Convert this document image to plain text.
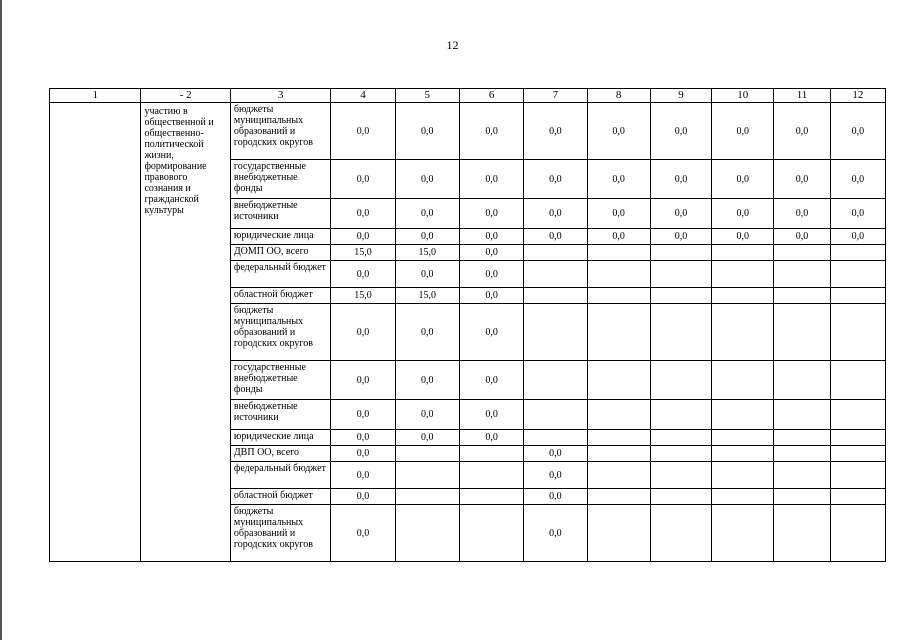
12
1	- 2	3	4	5	6	7	8	9	10	11	12
	участию в общественной и общественно-политической жизни, формирование правового сознания и гражданской культуры	бюджеты муниципальных образований и городских округов	0,0	0,0	0,0	0,0	0,0	0,0	0,0	0,0	0,0
		государственные внебюджетные фонды	0,0	0,0	0,0	0,0	0,0	0,0	0,0	0,0	0,0
		внебюджетные источники	0,0	0,0	0,0	0,0	0,0	0,0	0,0	0,0	0,0
		юридические лица	0,0	0,0	0,0	0,0	0,0	0,0	0,0	0,0	0,0
		ДОМП ОО, всего	15,0	15,0	0,0						
		федеральный бюджет	0,0	0,0	0,0						
		областной бюджет	15,0	15,0	0,0						
		бюджеты муниципальных образований и городских округов	0,0	0,0	0,0						
		государственные внебюджетные фонды	0,0	0,0	0,0						
		внебюджетные источники	0,0	0,0	0,0						
		юридические лица	0,0	0,0	0,0						
		ДВП ОО, всего	0,0			0,0					
		федеральный бюджет	0,0			0,0					
		областной бюджет	0,0			0,0					
		бюджеты муниципальных образований и городских округов	0,0			0,0					
